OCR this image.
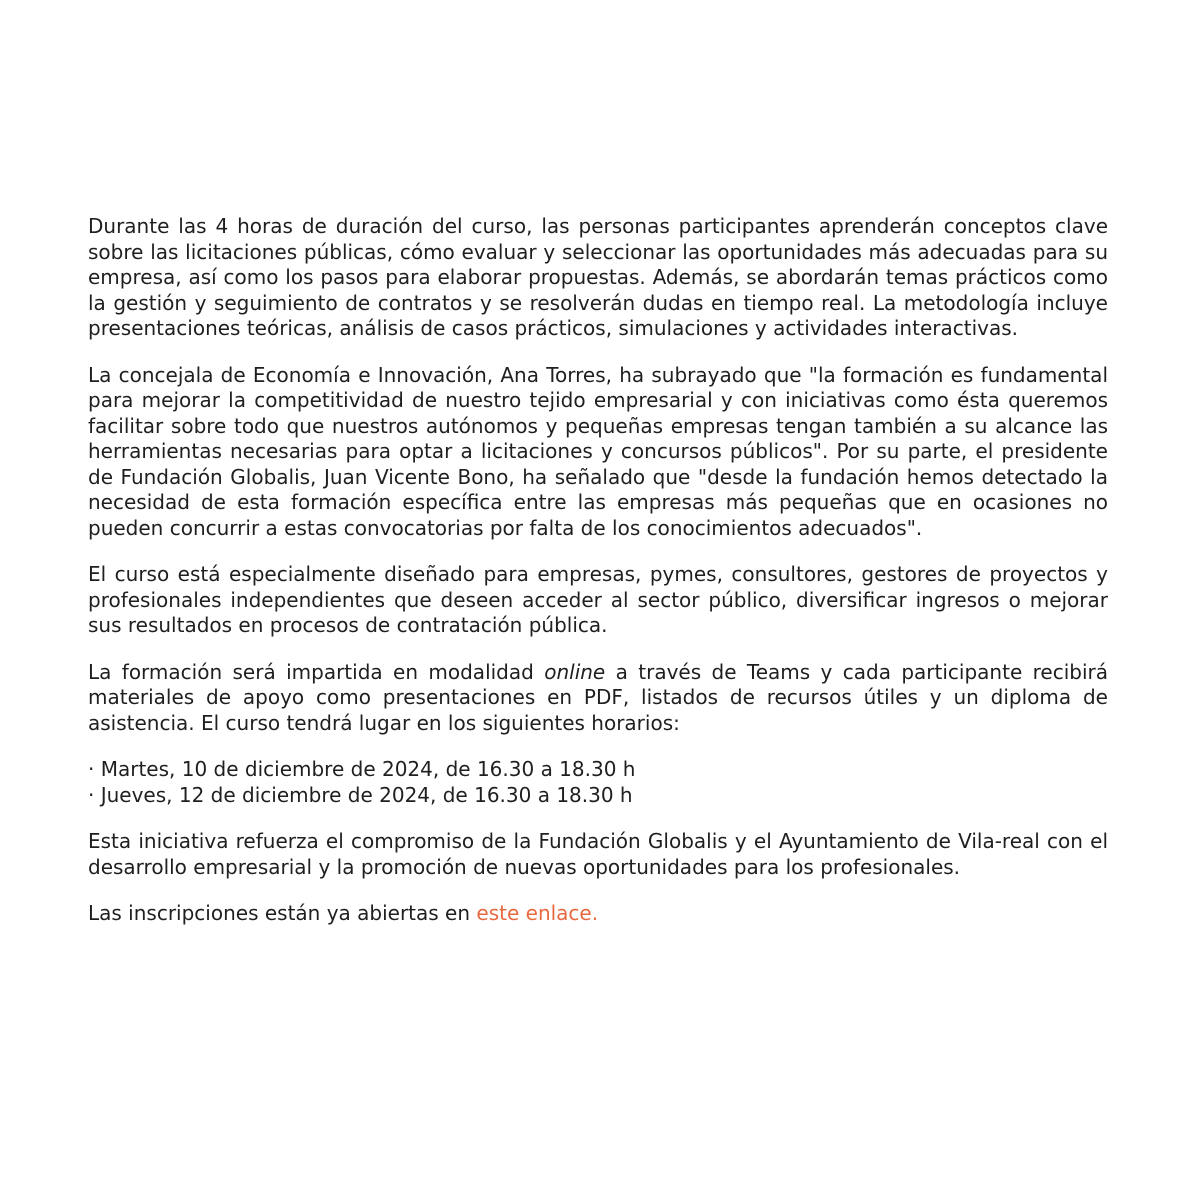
Durante las 4 horas de duración del curso, las personas participantes aprenderán conceptos clave sobre las licitaciones públicas, cómo evaluar y seleccionar las oportunidades más adecuadas para su empresa, así como los pasos para elaborar propuestas. Además, se abordarán temas prácticos como la gestión y seguimiento de contratos y se resolverán dudas en tiempo real. La metodología incluye presentaciones teóricas, análisis de casos prácticos, simulaciones y actividades interactivas.

La concejala de Economía e Innovación, Ana Torres, ha subrayado que "la formación es fundamental para mejorar la competitividad de nuestro tejido empresarial y con iniciativas como ésta queremos facilitar sobre todo que nuestros autónomos y pequeñas empresas tengan también a su alcance las herramientas necesarias para optar a licitaciones y concursos públicos". Por su parte, el presidente de Fundación Globalis, Juan Vicente Bono, ha señalado que "desde la fundación hemos detectado la necesidad de esta formación específica entre las empresas más pequeñas que en ocasiones no pueden concurrir a estas convocatorias por falta de los conocimientos adecuados".

El curso está especialmente diseñado para empresas, pymes, consultores, gestores de proyectos y profesionales independientes que deseen acceder al sector público, diversificar ingresos o mejorar sus resultados en procesos de contratación pública.

La formación será impartida en modalidad online a través de Teams y cada participante recibirá materiales de apoyo como presentaciones en PDF, listados de recursos útiles y un diploma de asistencia. El curso tendrá lugar en los siguientes horarios:

· Martes, 10 de diciembre de 2024, de 16.30 a 18.30 h
· Jueves, 12 de diciembre de 2024, de 16.30 a 18.30 h

Esta iniciativa refuerza el compromiso de la Fundación Globalis y el Ayuntamiento de Vila-real con el desarrollo empresarial y la promoción de nuevas oportunidades para los profesionales.

Las inscripciones están ya abiertas en este enlace.
